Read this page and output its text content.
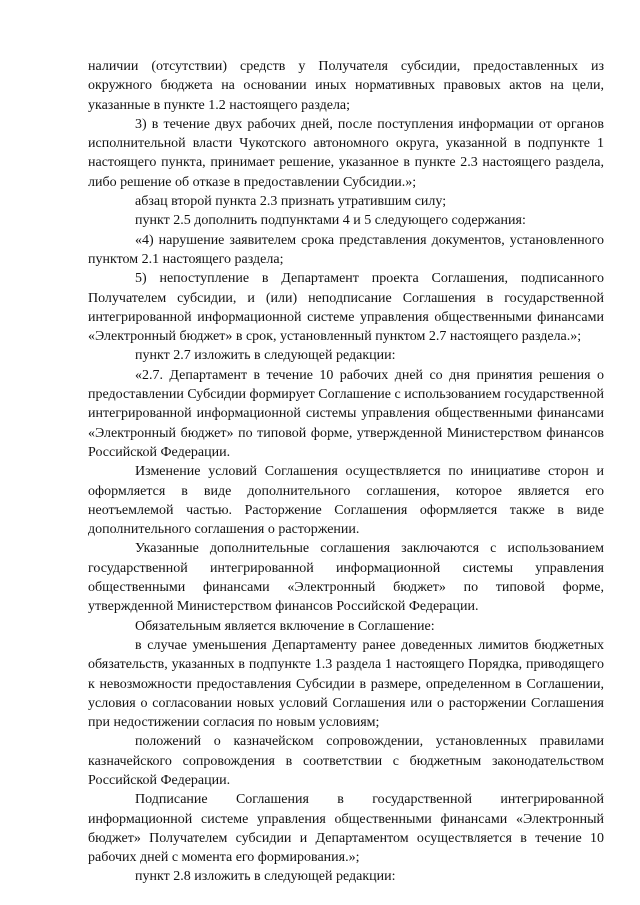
наличии (отсутствии) средств у Получателя субсидии, предоставленных из окружного бюджета на основании иных нормативных правовых актов на цели, указанные в пункте 1.2 настоящего раздела;

3) в течение двух рабочих дней, после поступления информации от органов исполнительной власти Чукотского автономного округа, указанной в подпункте 1 настоящего пункта, принимает решение, указанное в пункте 2.3 настоящего раздела, либо решение об отказе в предоставлении Субсидии.»;

абзац второй пункта 2.3 признать утратившим силу;

пункт 2.5 дополнить подпунктами 4 и 5 следующего содержания:

«4) нарушение заявителем срока представления документов, установленного пунктом 2.1 настоящего раздела;

5) непоступление в Департамент проекта Соглашения, подписанного Получателем субсидии, и (или) неподписание Соглашения в государственной интегрированной информационной системе управления общественными финансами «Электронный бюджет» в срок, установленный пунктом 2.7 настоящего раздела.»;

пункт 2.7 изложить в следующей редакции:

«2.7. Департамент в течение 10 рабочих дней со дня принятия решения о предоставлении Субсидии формирует Соглашение с использованием государственной интегрированной информационной системы управления общественными финансами «Электронный бюджет» по типовой форме, утвержденной Министерством финансов Российской Федерации.

Изменение условий Соглашения осуществляется по инициативе сторон и оформляется в виде дополнительного соглашения, которое является его неотъемлемой частью. Расторжение Соглашения оформляется также в виде дополнительного соглашения о расторжении.

Указанные дополнительные соглашения заключаются с использованием государственной интегрированной информационной системы управления общественными финансами «Электронный бюджет» по типовой форме, утвержденной Министерством финансов Российской Федерации.

Обязательным является включение в Соглашение:

в случае уменьшения Департаменту ранее доведенных лимитов бюджетных обязательств, указанных в подпункте 1.3 раздела 1 настоящего Порядка, приводящего к невозможности предоставления Субсидии в размере, определенном в Соглашении, условия о согласовании новых условий Соглашения или о расторжении Соглашения при недостижении согласия по новым условиям;

положений о казначейском сопровождении, установленных правилами казначейского сопровождения в соответствии с бюджетным законодательством Российской Федерации.

Подписание Соглашения в государственной интегрированной информационной системе управления общественными финансами «Электронный бюджет» Получателем субсидии и Департаментом осуществляется в течение 10 рабочих дней с момента его формирования.»;

пункт 2.8 изложить в следующей редакции:
